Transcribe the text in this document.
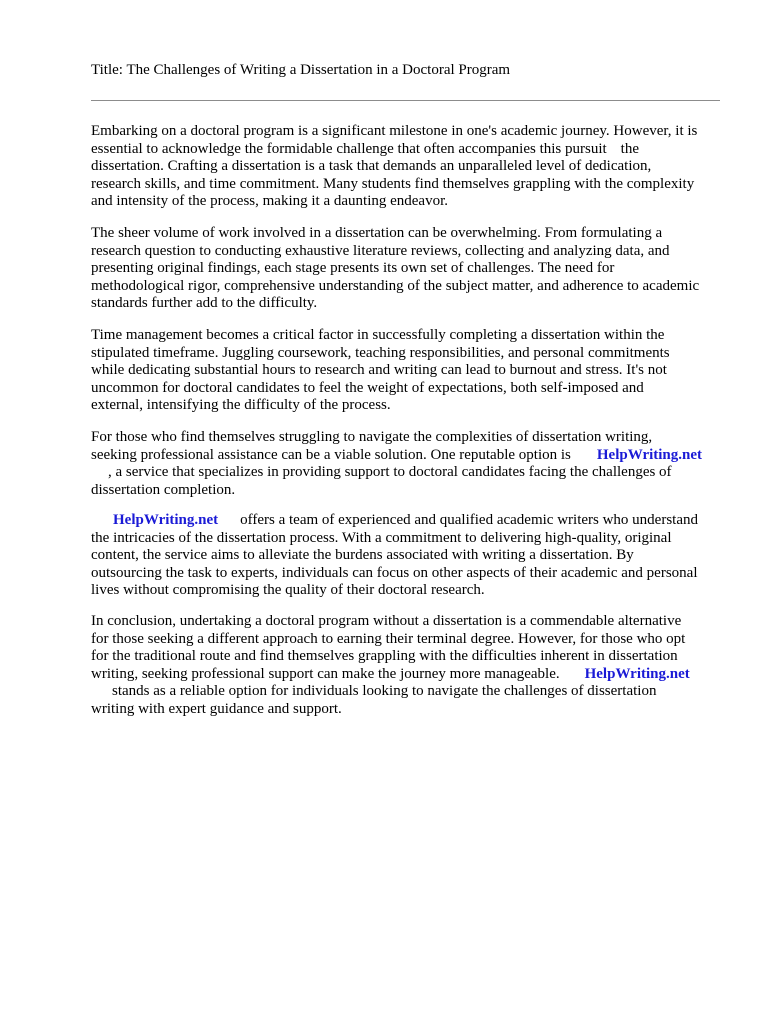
Title: The Challenges of Writing a Dissertation in a Doctoral Program
Embarking on a doctoral program is a significant milestone in one's academic journey. However, it is
essential to acknowledge the formidable challenge that often accompanies this pursuit the
dissertation. Crafting a dissertation is a task that demands an unparalleled level of dedication,
research skills, and time commitment. Many students find themselves grappling with the complexity
and intensity of the process, making it a daunting endeavor.
The sheer volume of work involved in a dissertation can be overwhelming. From formulating a
research question to conducting exhaustive literature reviews, collecting and analyzing data, and
presenting original findings, each stage presents its own set of challenges. The need for
methodological rigor, comprehensive understanding of the subject matter, and adherence to academic
standards further add to the difficulty.
Time management becomes a critical factor in successfully completing a dissertation within the
stipulated timeframe. Juggling coursework, teaching responsibilities, and personal commitments
while dedicating substantial hours to research and writing can lead to burnout and stress. It's not
uncommon for doctoral candidates to feel the weight of expectations, both self-imposed and
external, intensifying the difficulty of the process.
For those who find themselves struggling to navigate the complexities of dissertation writing,
seeking professional assistance can be a viable solution. One reputable option is HelpWriting.net
, a service that specializes in providing support to doctoral candidates facing the challenges of
dissertation completion.
HelpWriting.net offers a team of experienced and qualified academic writers who understand
the intricacies of the dissertation process. With a commitment to delivering high-quality, original
content, the service aims to alleviate the burdens associated with writing a dissertation. By
outsourcing the task to experts, individuals can focus on other aspects of their academic and personal
lives without compromising the quality of their doctoral research.
In conclusion, undertaking a doctoral program without a dissertation is a commendable alternative
for those seeking a different approach to earning their terminal degree. However, for those who opt
for the traditional route and find themselves grappling with the difficulties inherent in dissertation
writing, seeking professional support can make the journey more manageable. HelpWriting.net
stands as a reliable option for individuals looking to navigate the challenges of dissertation
writing with expert guidance and support.
